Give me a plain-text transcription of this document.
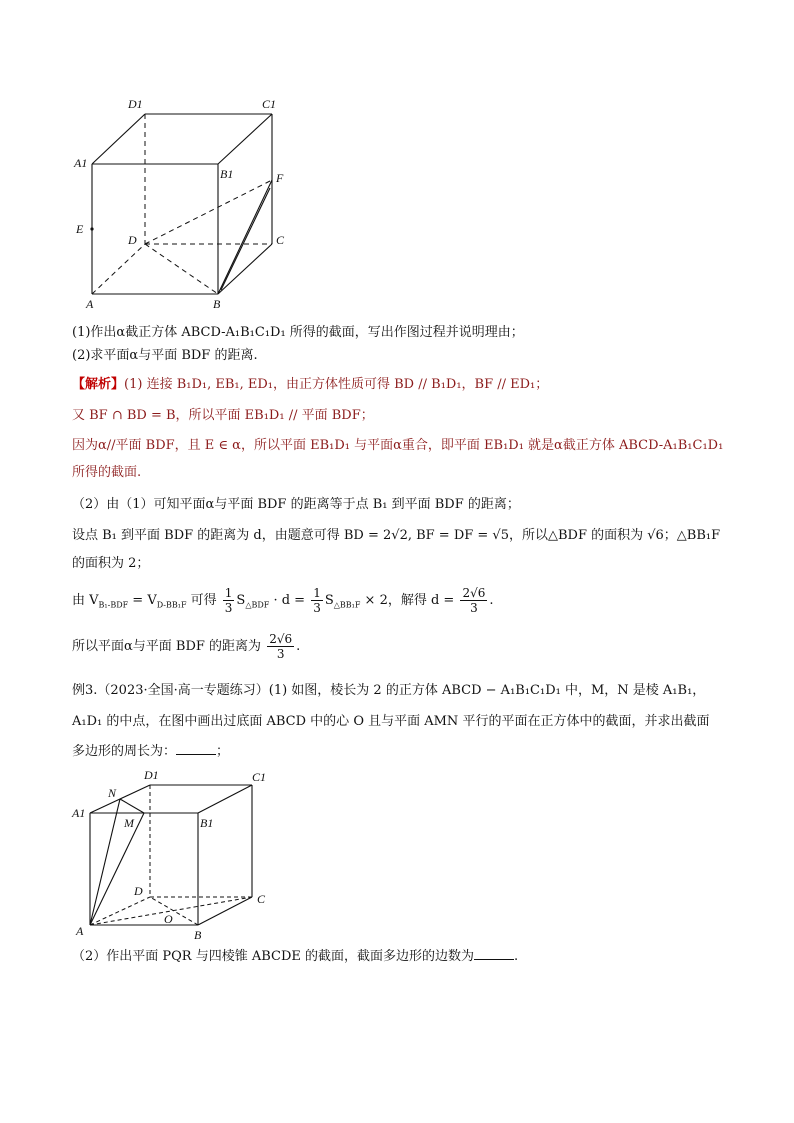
D1	C1
A1
B1	F
E
D	C
A	B
(1)作出α截正方体 ABCD-A₁B₁C₁D₁ 所得的截面，写出作图过程并说明理由；
(2)求平面α与平面 BDF 的距离.
【解析】(1) 连接 B₁D₁, EB₁, ED₁，由正方体性质可得 BD // B₁D₁，BF // ED₁；
又 BF ∩ BD = B，所以平面 EB₁D₁ // 平面 BDF；
因为α//平面 BDF，且 E ∈ α，所以平面 EB₁D₁ 与平面α重合，即平面 EB₁D₁ 就是α截正方体 ABCD-A₁B₁C₁D₁
所得的截面.
（2）由（1）可知平面α与平面 BDF 的距离等于点 B₁ 到平面 BDF 的距离；
设点 B₁ 到平面 BDF 的距离为 d，由题意可得 BD = 2√2, BF = DF = √5，所以△BDF 的面积为 √6；△BB₁F
的面积为 2；
由 $V_{B_1-BDF} = V_{D-BB_1F}$ 可得 $\frac{1}{3} S_{\triangle BDF} \cdot d = \frac{1}{3} S_{\triangle BB_1F} \times 2$，解得 $d = \frac{2√6}{3}$ .
所以平面α与平面 BDF 的距离为 $\frac{2√6}{3}$ .
例3.（2023·全国·高一专题练习）(1) 如图，棱长为 2 的正方体 ABCD − A₁B₁C₁D₁ 中，M，N 是棱 A₁B₁，
A₁D₁ 的中点，在图中画出过底面 ABCD 中的心 O 且与平面 AMN 平行的平面在正方体中的截面，并求出截面
多边形的周长为：	；
D1	C1
N
A1
M	B1
D
C
O
A	B
（2）作出平面 PQR 与四棱锥 ABCDE 的截面，截面多边形的边数为	.
